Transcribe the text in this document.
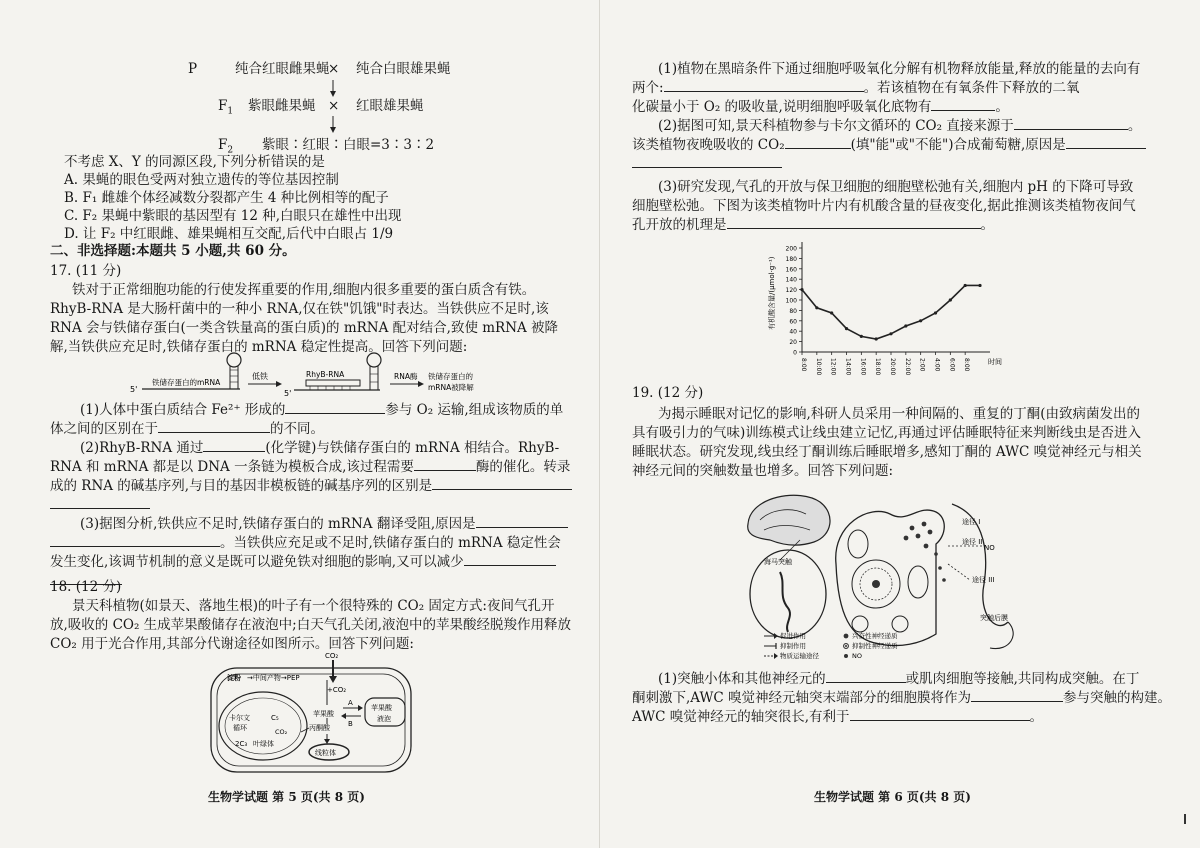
P	纯合红眼雌果蝇
× 纯合白眼雄果蝇
$F_1$ 紫眼雌果蝇 × 红眼雄果蝇
$F_2$ 紫眼∶红眼∶白眼=3∶3∶2
不考虑 X、Y 的同源区段,下列分析错误的是
A. 果蝇的眼色受两对独立遗传的等位基因控制
B. F₁ 雌雄个体经减数分裂都产生 4 种比例相等的配子
C. F₂ 果蝇中紫眼的基因型有 12 种,白眼只在雄性中出现
D. 让 F₂ 中红眼雌、雄果蝇相互交配,后代中白眼占 1/9
二、非选择题:本题共 5 小题,共 60 分。
17. (11 分)
铁对于正常细胞功能的行使发挥重要的作用,细胞内很多重要的蛋白质含有铁。
RhyB-RNA 是大肠杆菌中的一种小 RNA,仅在铁"饥饿"时表达。当铁供应不足时,该
RNA 会与铁储存蛋白(一类含铁量高的蛋白质)的 mRNA 配对结合,致使 mRNA 被降
解,当铁供应充足时,铁储存蛋白的 mRNA 稳定性提高。回答下列问题:
5'
铁储存蛋白的mRNA
低铁
5'
RhyB-RNA	RNA酶 铁储存蛋白的
mRNA被降解
(1)人体中蛋白质结合 Fe²⁺ 形成的	参与 O₂ 运输,组成该物质的单
体之间的区别在于	的不同。
(2)RhyB-RNA 通过	(化学键)与铁储存蛋白的 mRNA 相结合。RhyB-
RNA 和 mRNA 都是以 DNA 一条链为模板合成,该过程需要	酶的催化。转录
成的 RNA 的碱基序列,与目的基因非模板链的碱基序列的区别是
(3)据图分析,铁供应不足时,铁储存蛋白的 mRNA 翻译受阻,原因是
。当铁供应充足或不足时,铁储存蛋白的 mRNA 稳定性会
发生变化,该调节机制的意义是既可以避免铁对细胞的影响,又可以减少
18. (12 分)
景天科植物(如景天、落地生根)的叶子有一个很特殊的 CO₂ 固定方式:夜间气孔开
放,吸收的 CO₂ 生成苹果酸储存在液泡中;白天气孔关闭,液泡中的苹果酸经脱羧作用释放
CO₂ 用于光合作用,其部分代谢途径如图所示。回答下列问题:
CO₂
淀粉 →中间产物→PEP
+CO₂
苹果酸
A
B
苹果酸
液泡
卡尔文
循环
C₅
CO₂
2C₃ 叶绿体
丙酮酸
线粒体
生物学试题 第 5 页(共 8 页)
(1)植物在黑暗条件下通过细胞呼吸氧化分解有机物释放能量,释放的能量的去向有
两个:	。若该植物在有氧条件下释放的二氧
化碳量小于 O₂ 的吸收量,说明细胞呼吸氧化底物有	。
(2)据图可知,景天科植物参与卡尔文循环的 CO₂ 直接来源于	。
该类植物夜晚吸收的 CO₂	(填"能"或"不能")合成葡萄糖,原因是
(3)研究发现,气孔的开放与保卫细胞的细胞壁松弛有关,细胞内 pH 的下降可导致
细胞壁松弛。下图为该类植物叶片内有机酸含量的昼夜变化,据此推测该类植物夜间气
孔开放的机理是	。
0
20
40
60
80
100
120
140
160
180
200
8:00 10:00 12:00 14:00 16:00 18:00 20:00 22:00 2:00 4:00 6:00 8:00
有机酸含量/(μmol·g⁻¹)
时间
19. (12 分)
为揭示睡眠对记忆的影响,科研人员采用一种间隔的、重复的丁酮(由致病菌发出的
具有吸引力的气味)训练模式让线虫建立记忆,再通过评估睡眠特征来判断线虫是否进入
睡眠状态。研究发现,线虫经丁酮训练后睡眠增多,感知丁酮的 AWC 嗅觉神经元与相关
神经元间的突触数量也增多。回答下列问题:
海马突触
途径 I
途径 II
途径 III
NO
突触后膜
促进作用
抑制作用
物质运输途径
兴奋性神经递质
抑制性神经递质
NO
(1)突触小体和其他神经元的	或肌肉细胞等接触,共同构成突触。在丁
酮刺激下,AWC 嗅觉神经元轴突末端部分的细胞膜将作为	参与突触的构建。
AWC 嗅觉神经元的轴突很长,有利于	。
生物学试题 第 6 页(共 8 页)
